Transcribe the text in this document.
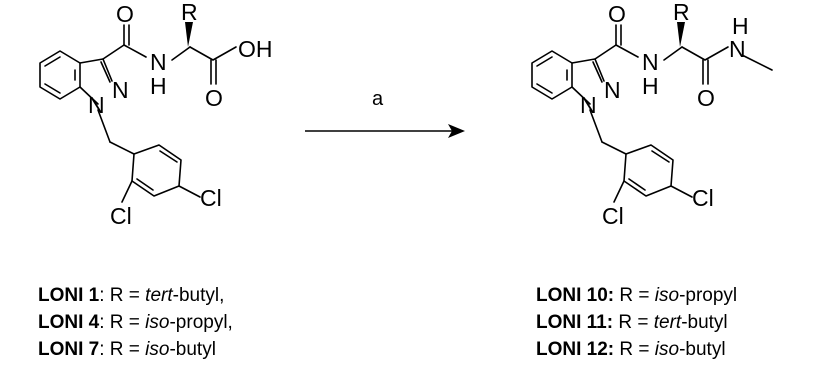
O
N
H
R
OH
O
N
N
Cl
Cl
a
O
N
H
R
N
H
O
N
N
Cl
Cl
LONI 1: R = tert-butyl,
LONI 4: R = iso-propyl,
LONI 7: R = iso-butyl
LONI 10: R = iso-propyl
LONI 11: R = tert-butyl
LONI 12: R = iso-butyl
